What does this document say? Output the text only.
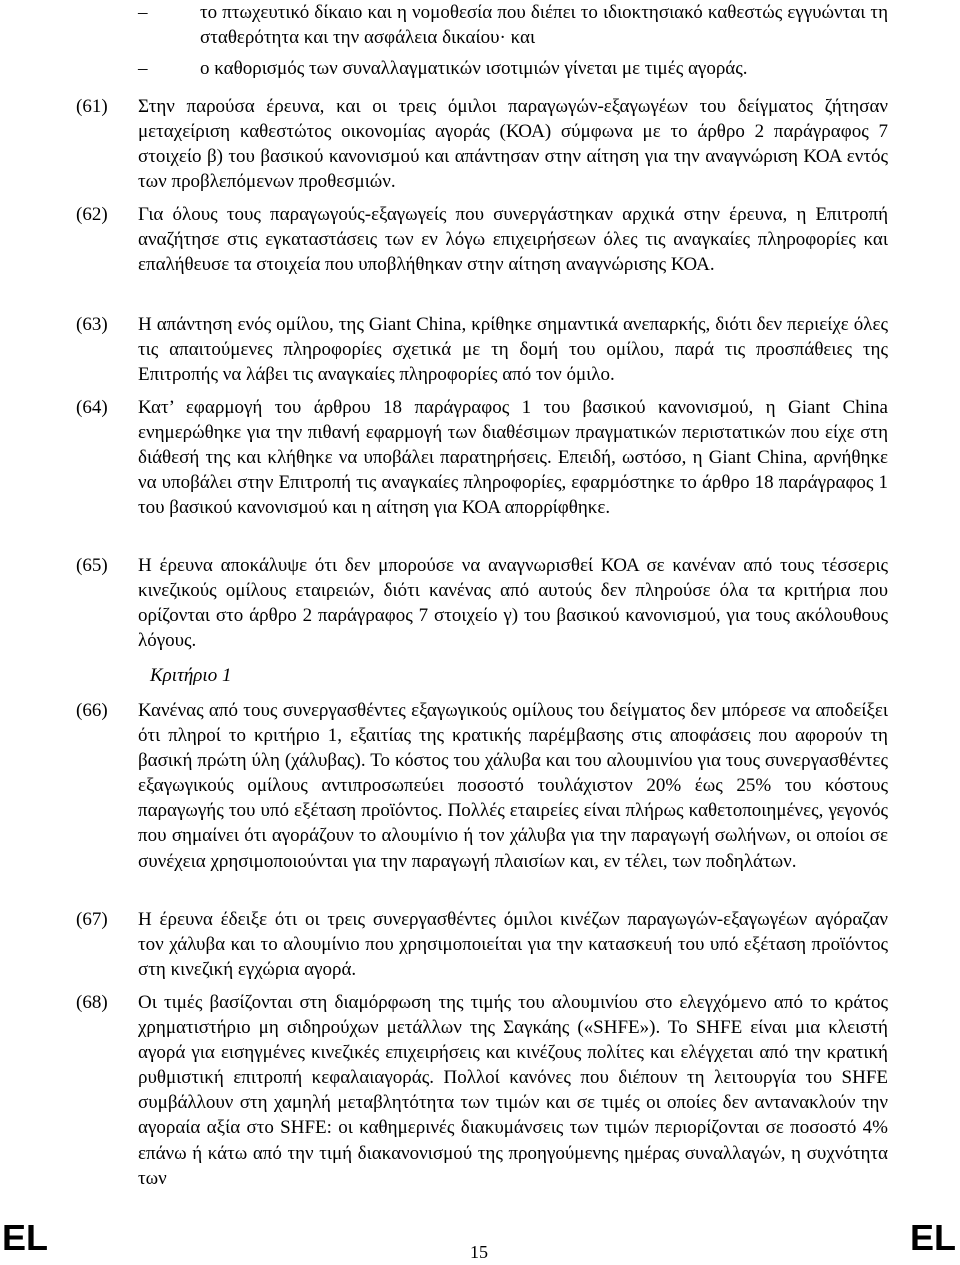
–	το πτωχευτικό δίκαιο και η νομοθεσία που διέπει το ιδιοκτησιακό καθεστώς εγγυώνται τη σταθερότητα και την ασφάλεια δικαίου· και
–	ο καθορισμός των συναλλαγματικών ισοτιμιών γίνεται με τιμές αγοράς.
(61) Στην παρούσα έρευνα, και οι τρεις όμιλοι παραγωγών-εξαγωγέων του δείγματος ζήτησαν μεταχείριση καθεστώτος οικονομίας αγοράς (ΚΟΑ) σύμφωνα με το άρθρο 2 παράγραφος 7 στοιχείο β) του βασικού κανονισμού και απάντησαν στην αίτηση για την αναγνώριση ΚΟΑ εντός των προβλεπόμενων προθεσμιών.
(62) Για όλους τους παραγωγούς-εξαγωγείς που συνεργάστηκαν αρχικά στην έρευνα, η Επιτροπή αναζήτησε στις εγκαταστάσεις των εν λόγω επιχειρήσεων όλες τις αναγκαίες πληροφορίες και επαλήθευσε τα στοιχεία που υποβλήθηκαν στην αίτηση αναγνώρισης ΚΟΑ.
(63) Η απάντηση ενός ομίλου, της Giant China, κρίθηκε σημαντικά ανεπαρκής, διότι δεν περιείχε όλες τις απαιτούμενες πληροφορίες σχετικά με τη δομή του ομίλου, παρά τις προσπάθειες της Επιτροπής να λάβει τις αναγκαίες πληροφορίες από τον όμιλο.
(64) Κατ’ εφαρμογή του άρθρου 18 παράγραφος 1 του βασικού κανονισμού, η Giant China ενημερώθηκε για την πιθανή εφαρμογή των διαθέσιμων πραγματικών περιστατικών που είχε στη διάθεσή της και κλήθηκε να υποβάλει παρατηρήσεις. Επειδή, ωστόσο, η Giant China, αρνήθηκε να υποβάλει στην Επιτροπή τις αναγκαίες πληροφορίες, εφαρμόστηκε το άρθρο 18 παράγραφος 1 του βασικού κανονισμού και η αίτηση για ΚΟΑ απορρίφθηκε.
(65) Η έρευνα αποκάλυψε ότι δεν μπορούσε να αναγνωρισθεί ΚΟΑ σε κανέναν από τους τέσσερις κινεζικούς ομίλους εταιρειών, διότι κανένας από αυτούς δεν πληρούσε όλα τα κριτήρια που ορίζονται στο άρθρο 2 παράγραφος 7 στοιχείο γ) του βασικού κανονισμού, για τους ακόλουθους λόγους.
Κριτήριο 1
(66) Κανένας από τους συνεργασθέντες εξαγωγικούς ομίλους του δείγματος δεν μπόρεσε να αποδείξει ότι πληροί το κριτήριο 1, εξαιτίας της κρατικής παρέμβασης στις αποφάσεις που αφορούν τη βασική πρώτη ύλη (χάλυβας). Το κόστος του χάλυβα και του αλουμινίου για τους συνεργασθέντες εξαγωγικούς ομίλους αντιπροσωπεύει ποσοστό τουλάχιστον 20% έως 25% του κόστους παραγωγής του υπό εξέταση προϊόντος. Πολλές εταιρείες είναι πλήρως καθετοποιημένες, γεγονός που σημαίνει ότι αγοράζουν το αλουμίνιο ή τον χάλυβα για την παραγωγή σωλήνων, οι οποίοι σε συνέχεια χρησιμοποιούνται για την παραγωγή πλαισίων και, εν τέλει, των ποδηλάτων.
(67) Η έρευνα έδειξε ότι οι τρεις συνεργασθέντες όμιλοι κινέζων παραγωγών-εξαγωγέων αγόραζαν τον χάλυβα και το αλουμίνιο που χρησιμοποιείται για την κατασκευή του υπό εξέταση προϊόντος στη κινεζική εγχώρια αγορά.
(68) Οι τιμές βασίζονται στη διαμόρφωση της τιμής του αλουμινίου στο ελεγχόμενο από το κράτος χρηματιστήριο μη σιδηρούχων μετάλλων της Σαγκάης («SHFE»). Το SHFE είναι μια κλειστή αγορά για εισηγμένες κινεζικές επιχειρήσεις και κινέζους πολίτες και ελέγχεται από την κρατική ρυθμιστική επιτροπή κεφαλαιαγοράς. Πολλοί κανόνες που διέπουν τη λειτουργία του SHFE συμβάλλουν στη χαμηλή μεταβλητότητα των τιμών και σε τιμές οι οποίες δεν αντανακλούν την αγοραία αξία στο SHFE: οι καθημερινές διακυμάνσεις των τιμών περιορίζονται σε ποσοστό 4% επάνω ή κάτω από την τιμή διακανονισμού της προηγούμενης ημέρας συναλλαγών, η συχνότητα των
EL	15	EL
